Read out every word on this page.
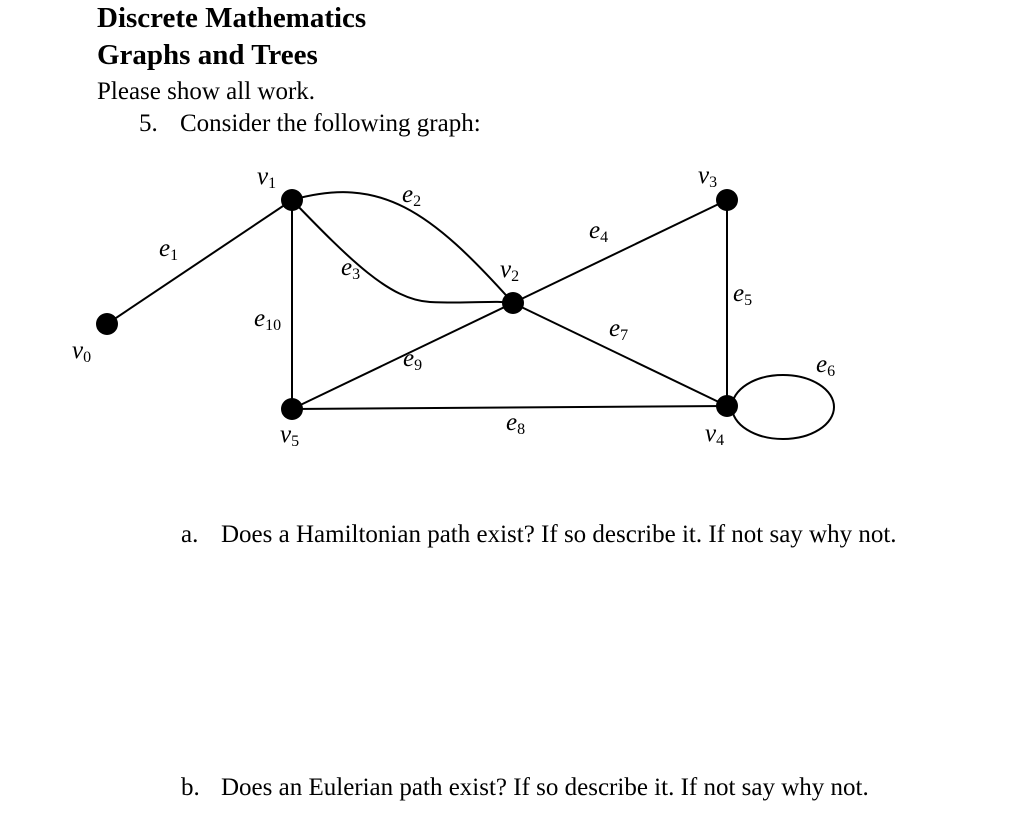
Discrete Mathematics
Graphs and Trees
Please show all work.
5. Consider the following graph:
v0
v1
v2
v3
v4
v5
e1
e2
e3
e4
e5
e6
e7
e8
e9
e10
a. Does a Hamiltonian path exist? If so describe it. If not say why not.
b. Does an Eulerian path exist? If so describe it. If not say why not.
